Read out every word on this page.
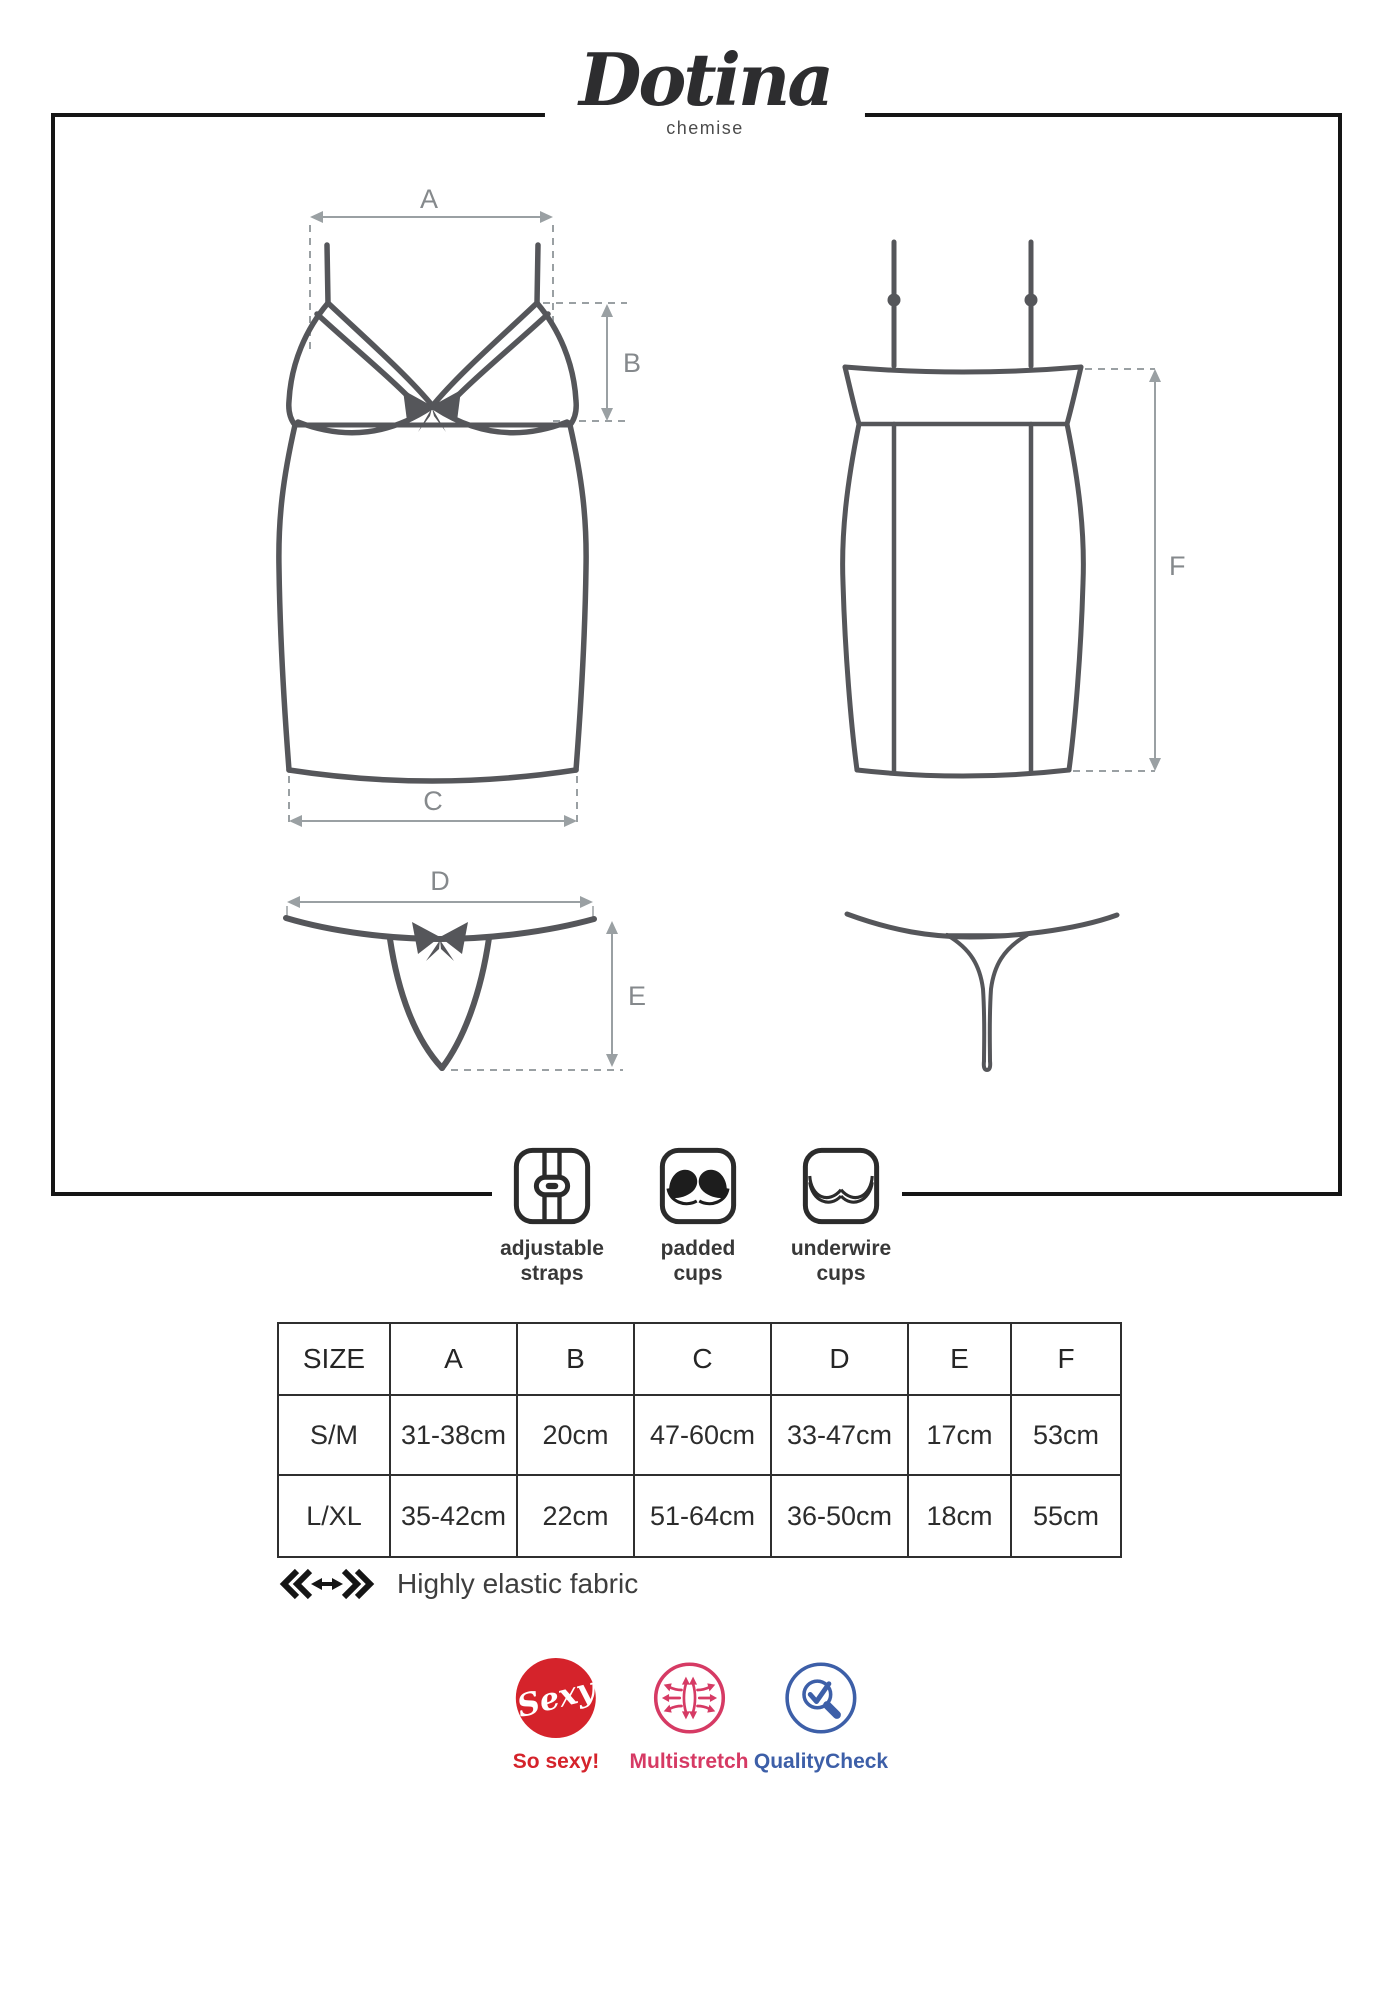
Dotina
chemise
A
B
C
D
E
F
adjustable straps
padded cups
underwire cups
SIZE	A	B	C	D	E	F
S/M	31-38cm	20cm	47-60cm	33-47cm	17cm	53cm
L/XL	35-42cm	22cm	51-64cm	36-50cm	18cm	55cm
Highly elastic fabric
Sexy
So sexy! Multistretch QualityCheck
